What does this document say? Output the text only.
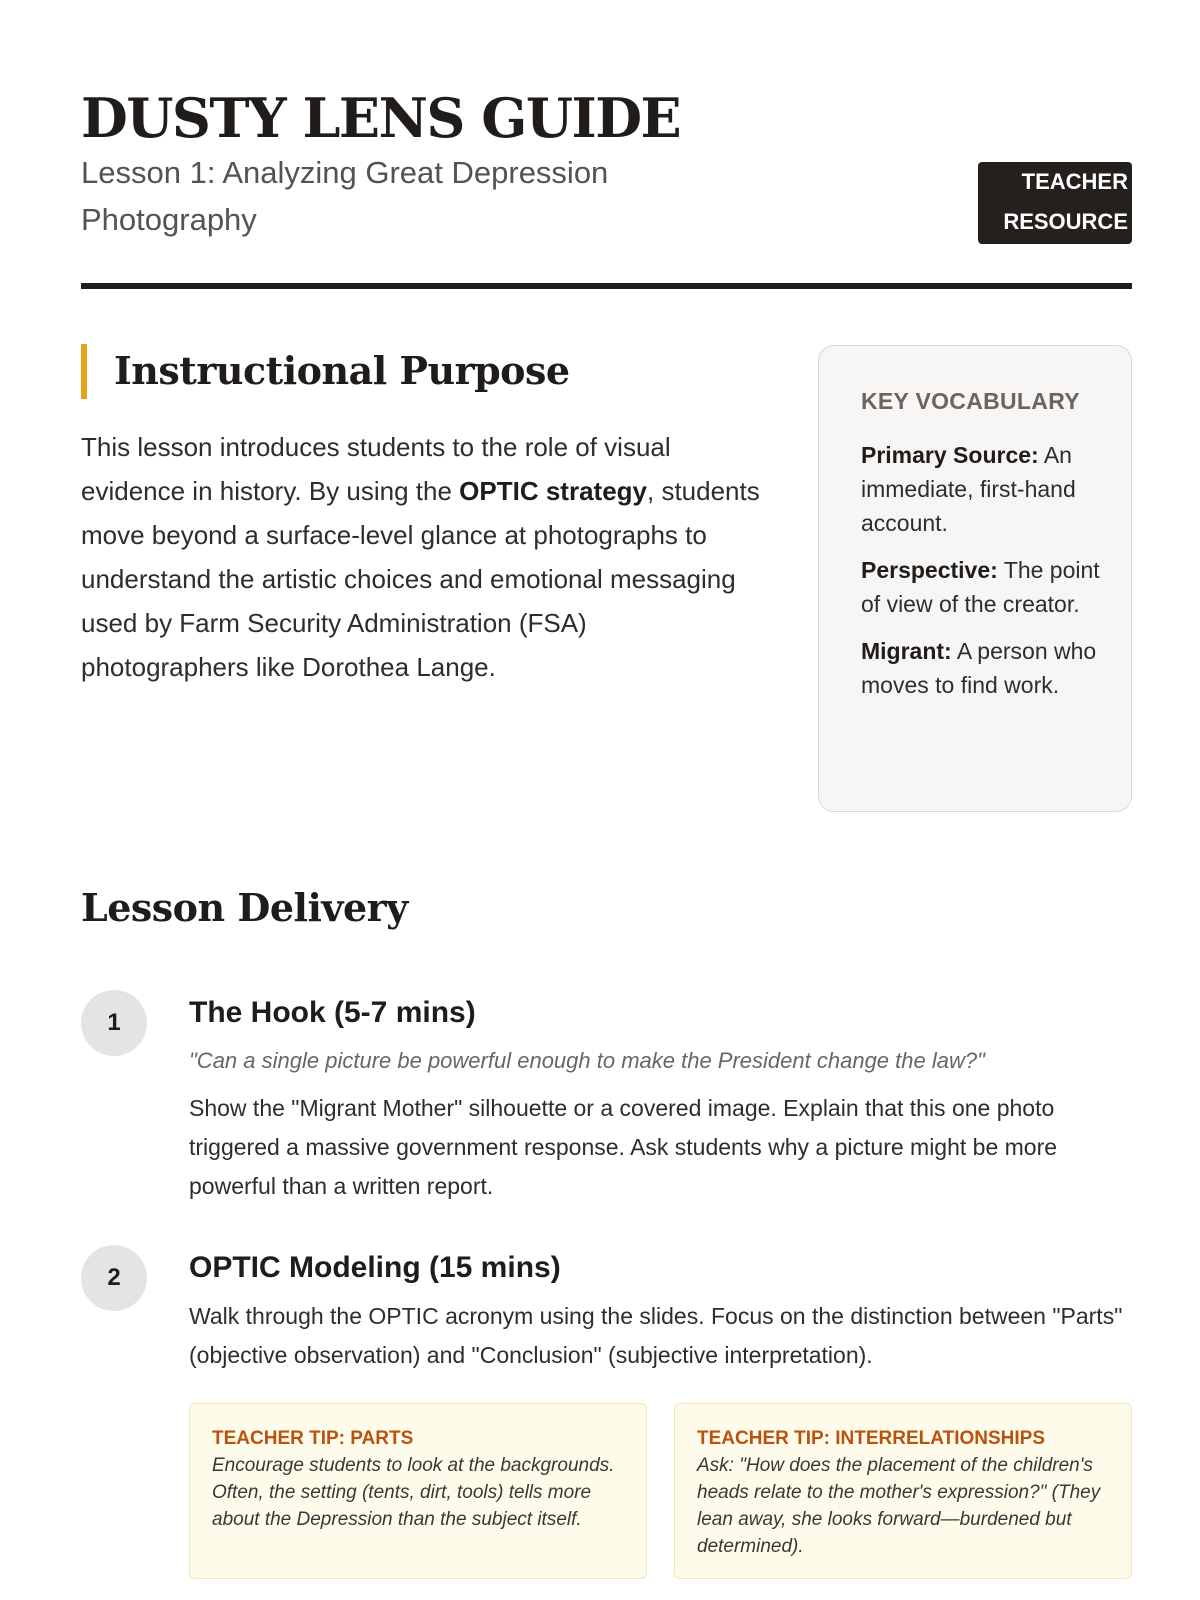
DUSTY LENS GUIDE
Lesson 1: Analyzing Great Depression Photography
TEACHER
RESOURCE
Instructional Purpose
This lesson introduces students to the role of visual evidence in history. By using the OPTIC strategy, students move beyond a surface-level glance at photographs to understand the artistic choices and emotional messaging used by Farm Security Administration (FSA) photographers like Dorothea Lange.
KEY VOCABULARY
Primary Source: An immediate, first-hand account.
Perspective: The point of view of the creator.
Migrant: A person who moves to find work.
Lesson Delivery
1	The Hook (5-7 mins)
"Can a single picture be powerful enough to make the President change the law?"
Show the "Migrant Mother" silhouette or a covered image. Explain that this one photo triggered a massive government response. Ask students why a picture might be more powerful than a written report.
2	OPTIC Modeling (15 mins)
Walk through the OPTIC acronym using the slides. Focus on the distinction between "Parts" (objective observation) and "Conclusion" (subjective interpretation).
TEACHER TIP: PARTS
Encourage students to look at the backgrounds. Often, the setting (tents, dirt, tools) tells more about the Depression than the subject itself.
TEACHER TIP: INTERRELATIONSHIPS
Ask: "How does the placement of the children's heads relate to the mother's expression?" (They lean away, she looks forward—burdened but determined).
